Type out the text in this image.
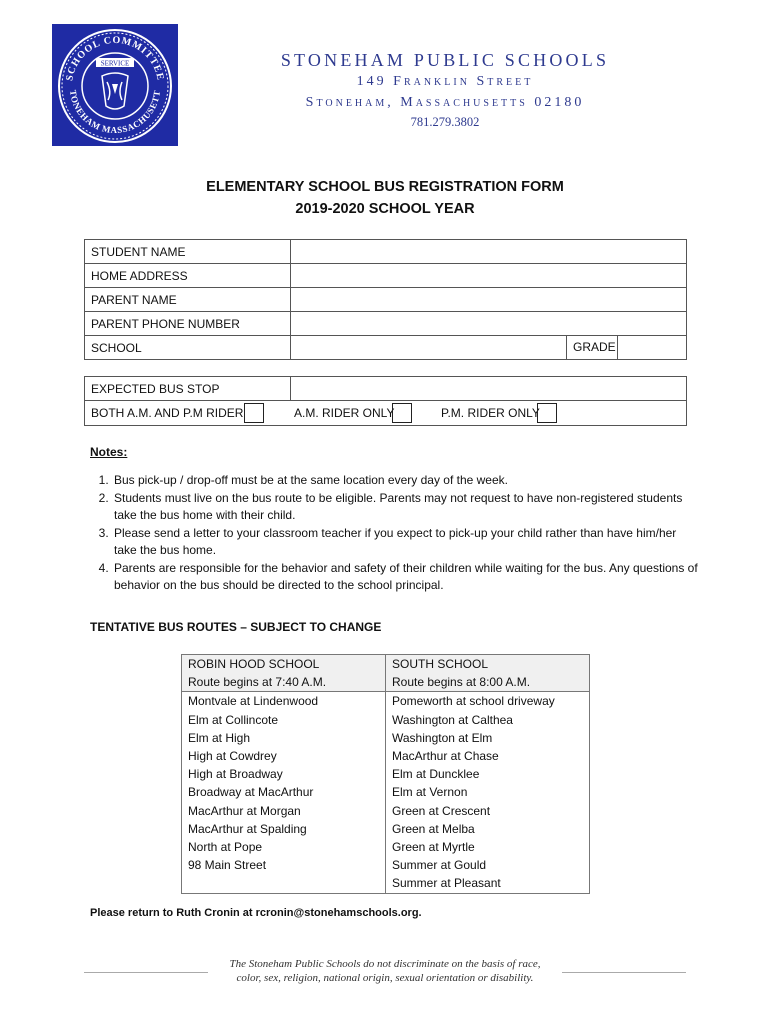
SCHOOL COMMITTEE
TONEHAM MASSACHUSETT
SERVICE	STONEHAM PUBLIC SCHOOLS
149 Franklin Street
Stoneham, Massachusetts 02180
781.279.3802
ELEMENTARY SCHOOL BUS REGISTRATION FORM
2019-2020 SCHOOL YEAR
STUDENT NAME		
HOME ADDRESS		
PARENT NAME		
PARENT PHONE NUMBER		
SCHOOL		GRADE
EXPECTED BUS STOP	

BOTH A.M. AND P.M RIDER	A.M. RIDER ONLY	P.M. RIDER ONLY
Notes:
1. Bus pick-up / drop-off must be at the same location every day of the week.
2. Students must live on the bus route to be eligible. Parents may not request to have non-registered students take the bus home with their child.
3. Please send a letter to your classroom teacher if you expect to pick-up your child rather than have him/her take the bus home.
4. Parents are responsible for the behavior and safety of their children while waiting for the bus. Any questions of behavior on the bus should be directed to the school principal.
TENTATIVE BUS ROUTES – SUBJECT TO CHANGE
ROBIN HOOD SCHOOL	SOUTH SCHOOL
Route begins at 7:40 A.M.	Route begins at 8:00 A.M.
Montvale at Lindenwood	Pomeworth at school driveway
Elm at Collincote	Washington at Calthea
Elm at High	Washington at Elm
High at Cowdrey	MacArthur at Chase
High at Broadway	Elm at Duncklee
Broadway at MacArthur	Elm at Vernon
MacArthur at Morgan	Green at Crescent
MacArthur at Spalding	Green at Melba
North at Pope	Green at Myrtle
98 Main Street	Summer at Gould
	Summer at Pleasant
Please return to Ruth Cronin at rcronin@stonehamschools.org.
The Stoneham Public Schools do not discriminate on the basis of race,
color, sex, religion, national origin, sexual orientation or disability.
